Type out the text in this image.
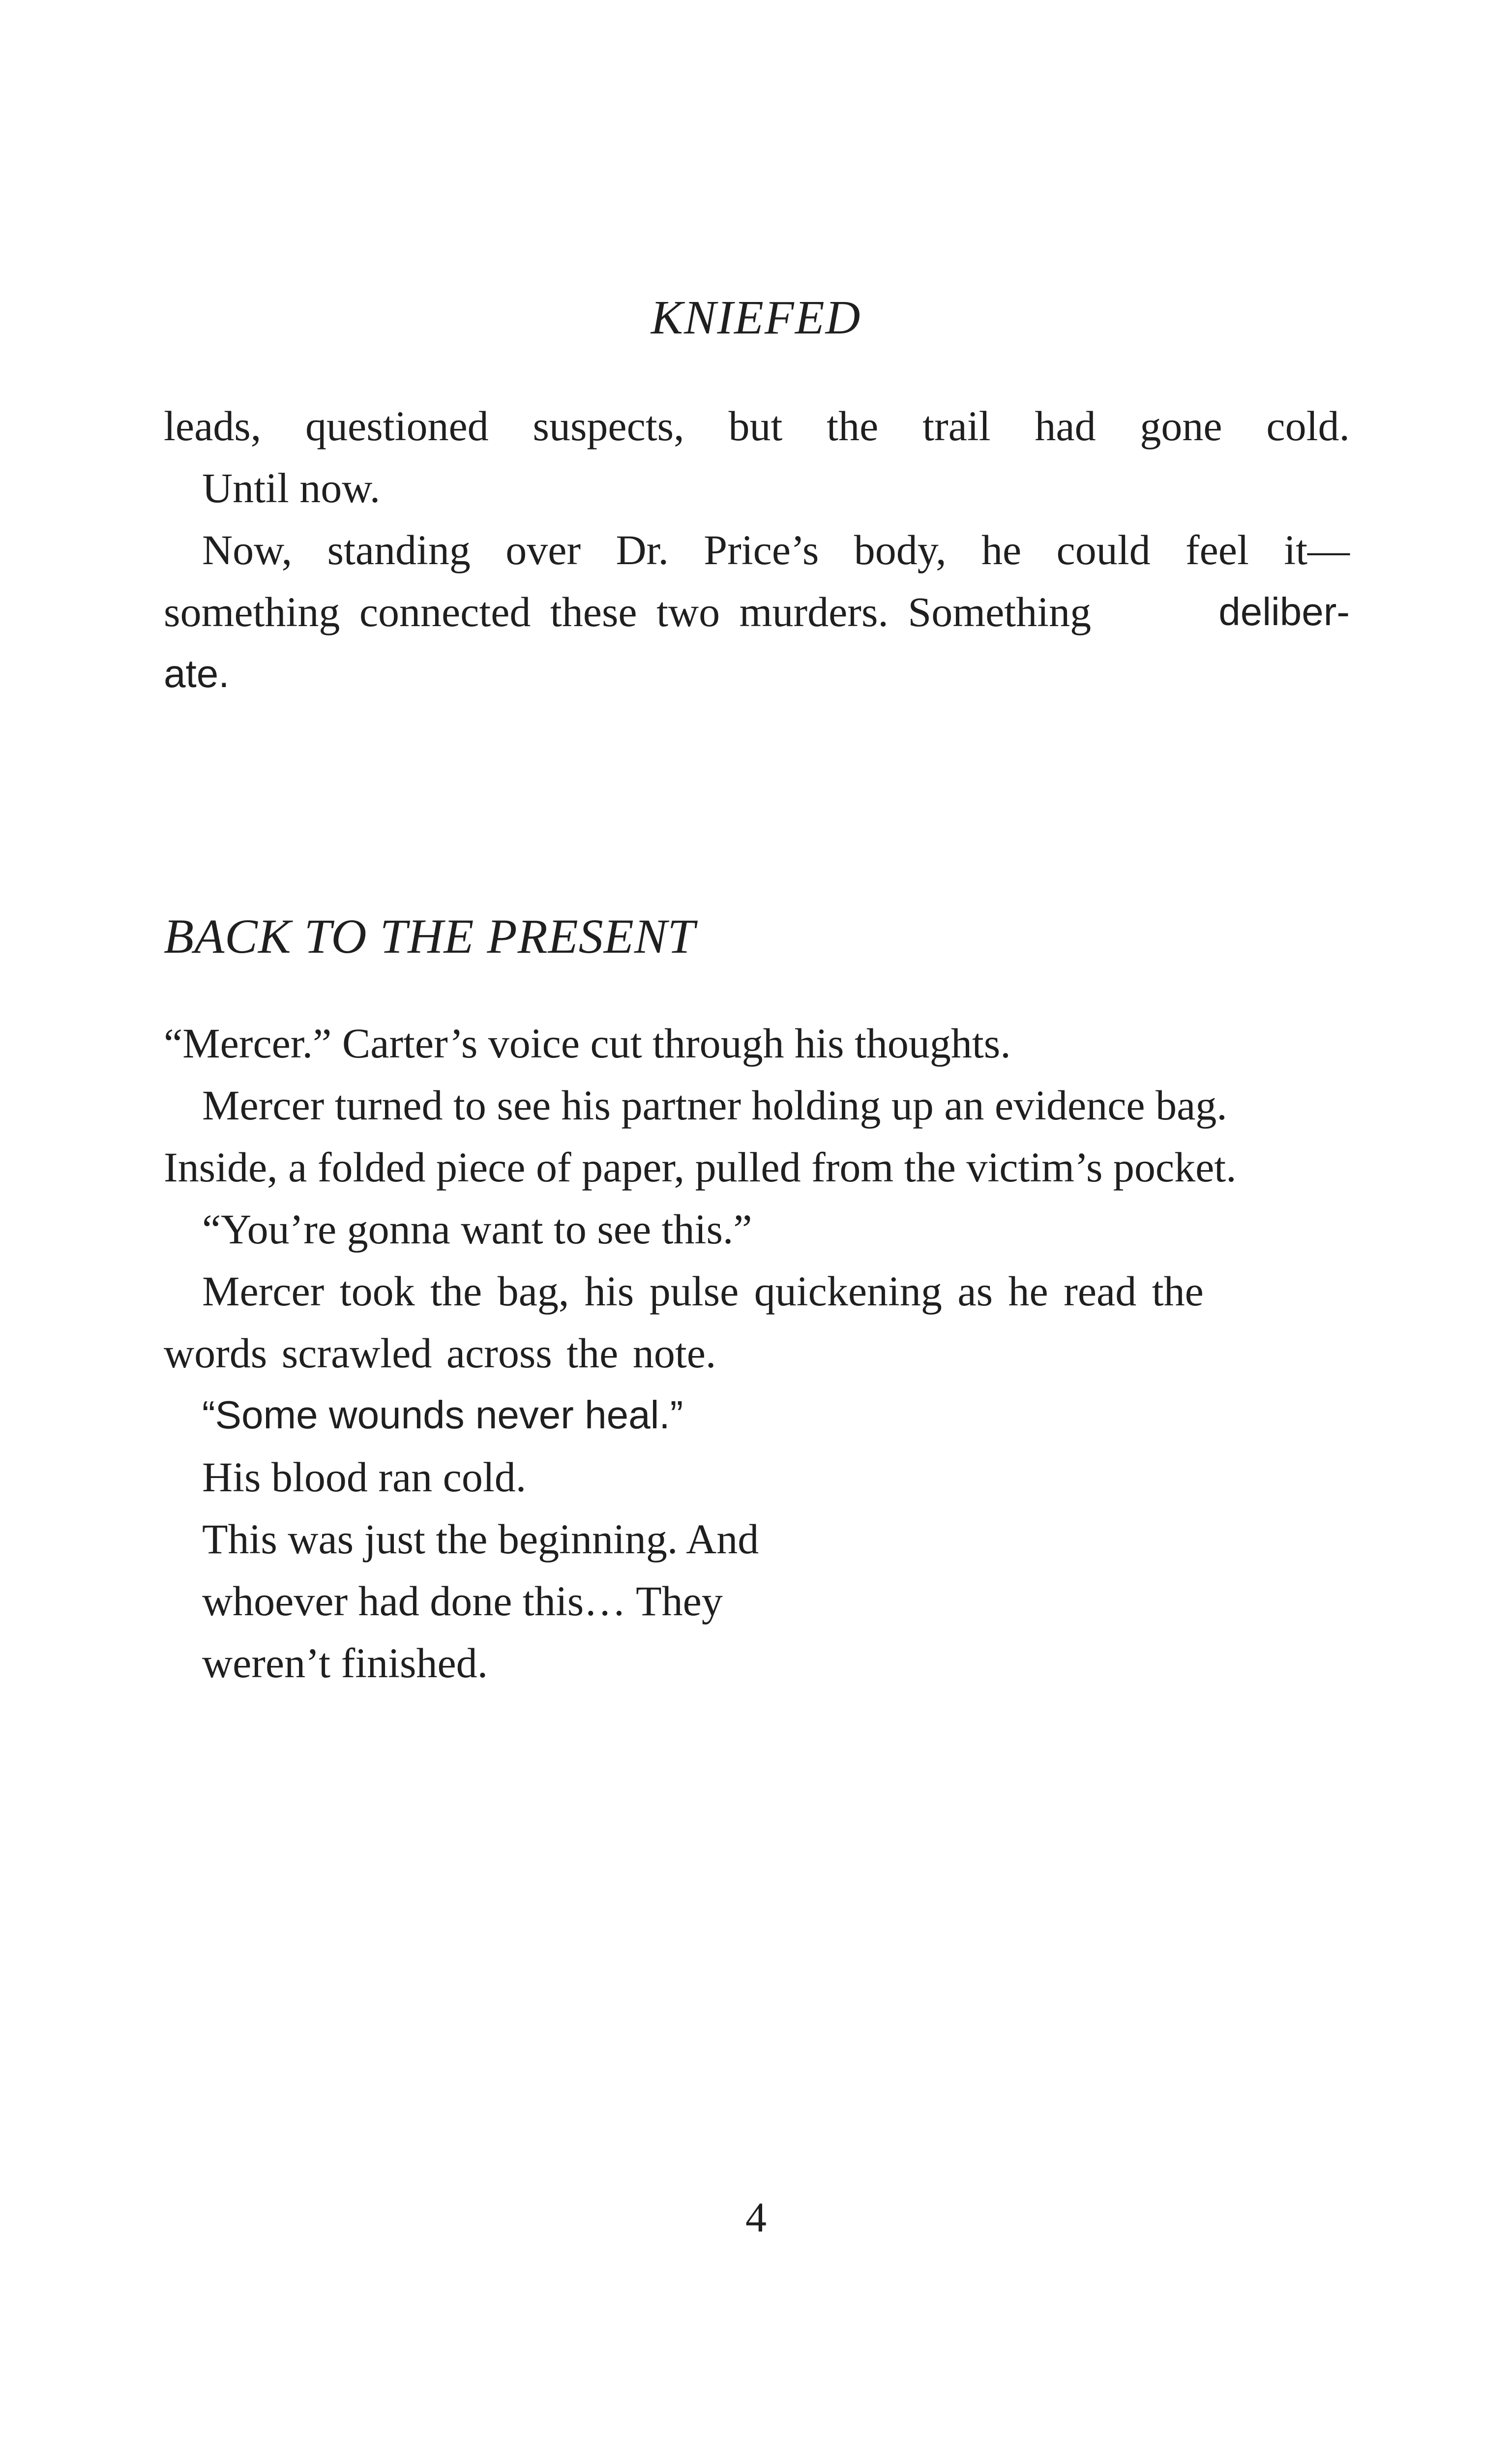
KNIEFED
leads, questioned suspects, but the trail had gone cold.
Until now.
Now, standing over Dr. Price’s body, he could feel it—
something connected these two murders. Something	deliber-
ate.
BACK TO THE PRESENT
“Mercer.” Carter’s voice cut through his thoughts.
Mercer turned to see his partner holding up an evidence bag.
Inside, a folded piece of paper, pulled from the victim’s pocket.
“You’re gonna want to see this.”
Mercer took the bag, his pulse quickening as he read the
words scrawled across the note.
“Some wounds never heal.”
His blood ran cold.
This was just the beginning. And
whoever had done this… They
weren’t finished.
4
